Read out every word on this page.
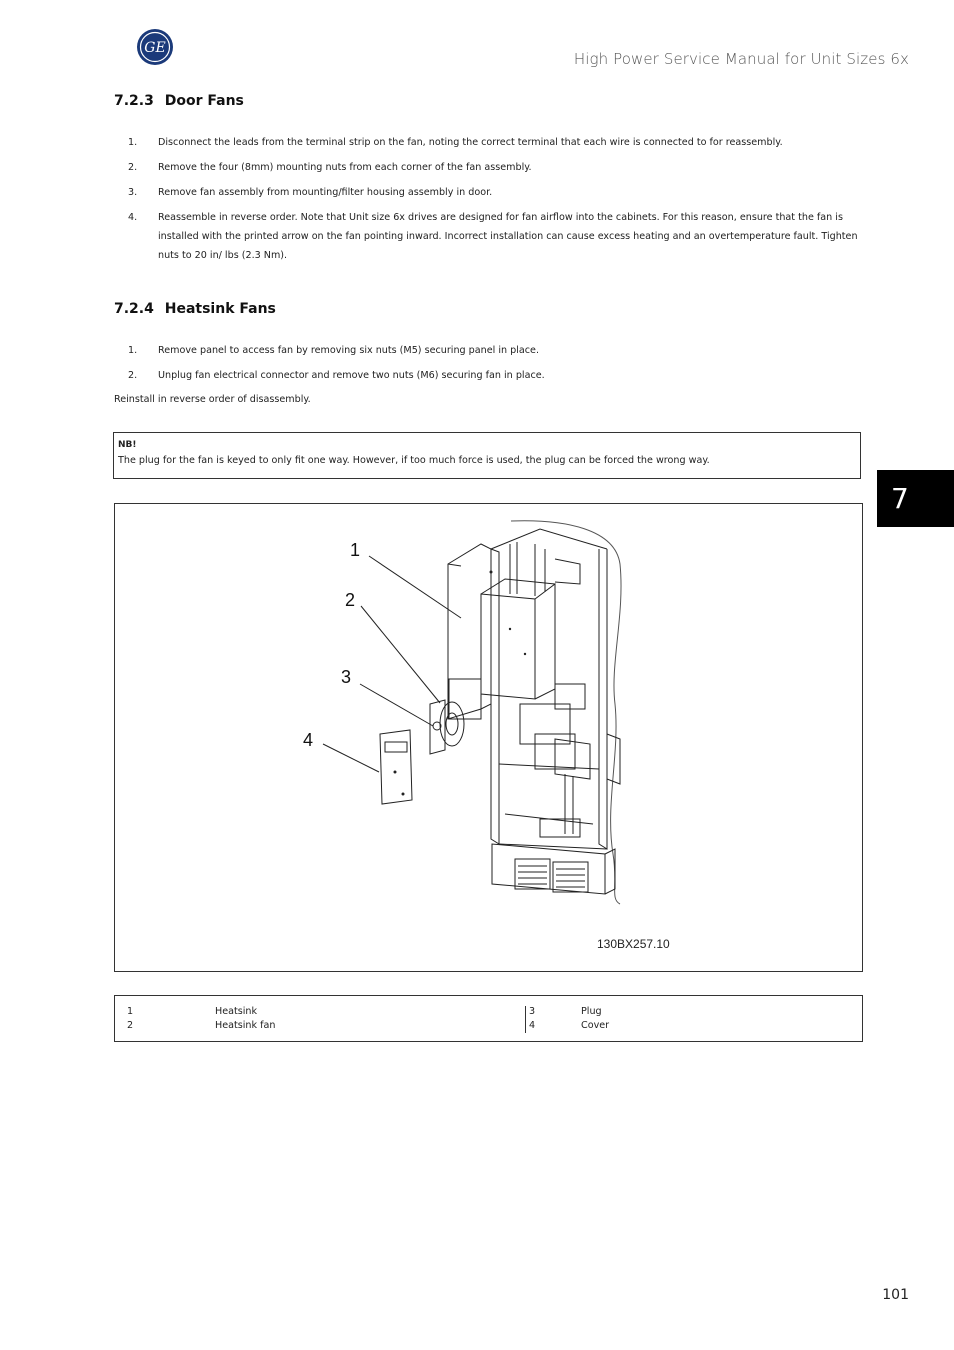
GE
High Power Service Manual for Unit Sizes 6x
7.2.3 Door Fans
1. Disconnect the leads from the terminal strip on the fan, noting the correct terminal that each wire is connected to for reassembly.
2. Remove the four (8mm) mounting nuts from each corner of the fan assembly.
3. Remove fan assembly from mounting/filter housing assembly in door.
4. Reassemble in reverse order. Note that Unit size 6x drives are designed for fan airflow into the cabinets. For this reason, ensure that the fan is installed with the printed arrow on the fan pointing inward. Incorrect installation can cause excess heating and an overtemperature fault. Tighten nuts to 20 in/ lbs (2.3 Nm).
7.2.4 Heatsink Fans
1. Remove panel to access fan by removing six nuts (M5) securing panel in place.
2. Unplug fan electrical connector and remove two nuts (M6) securing fan in place.
Reinstall in reverse order of disassembly.
NB!
The plug for the fan is keyed to only fit one way. However, if too much force is used, the plug can be forced the wrong way.
1
2
3
4
130BX257.10
1	Heatsink
2	Heatsink fan
3	Plug
4	Cover
7
101
